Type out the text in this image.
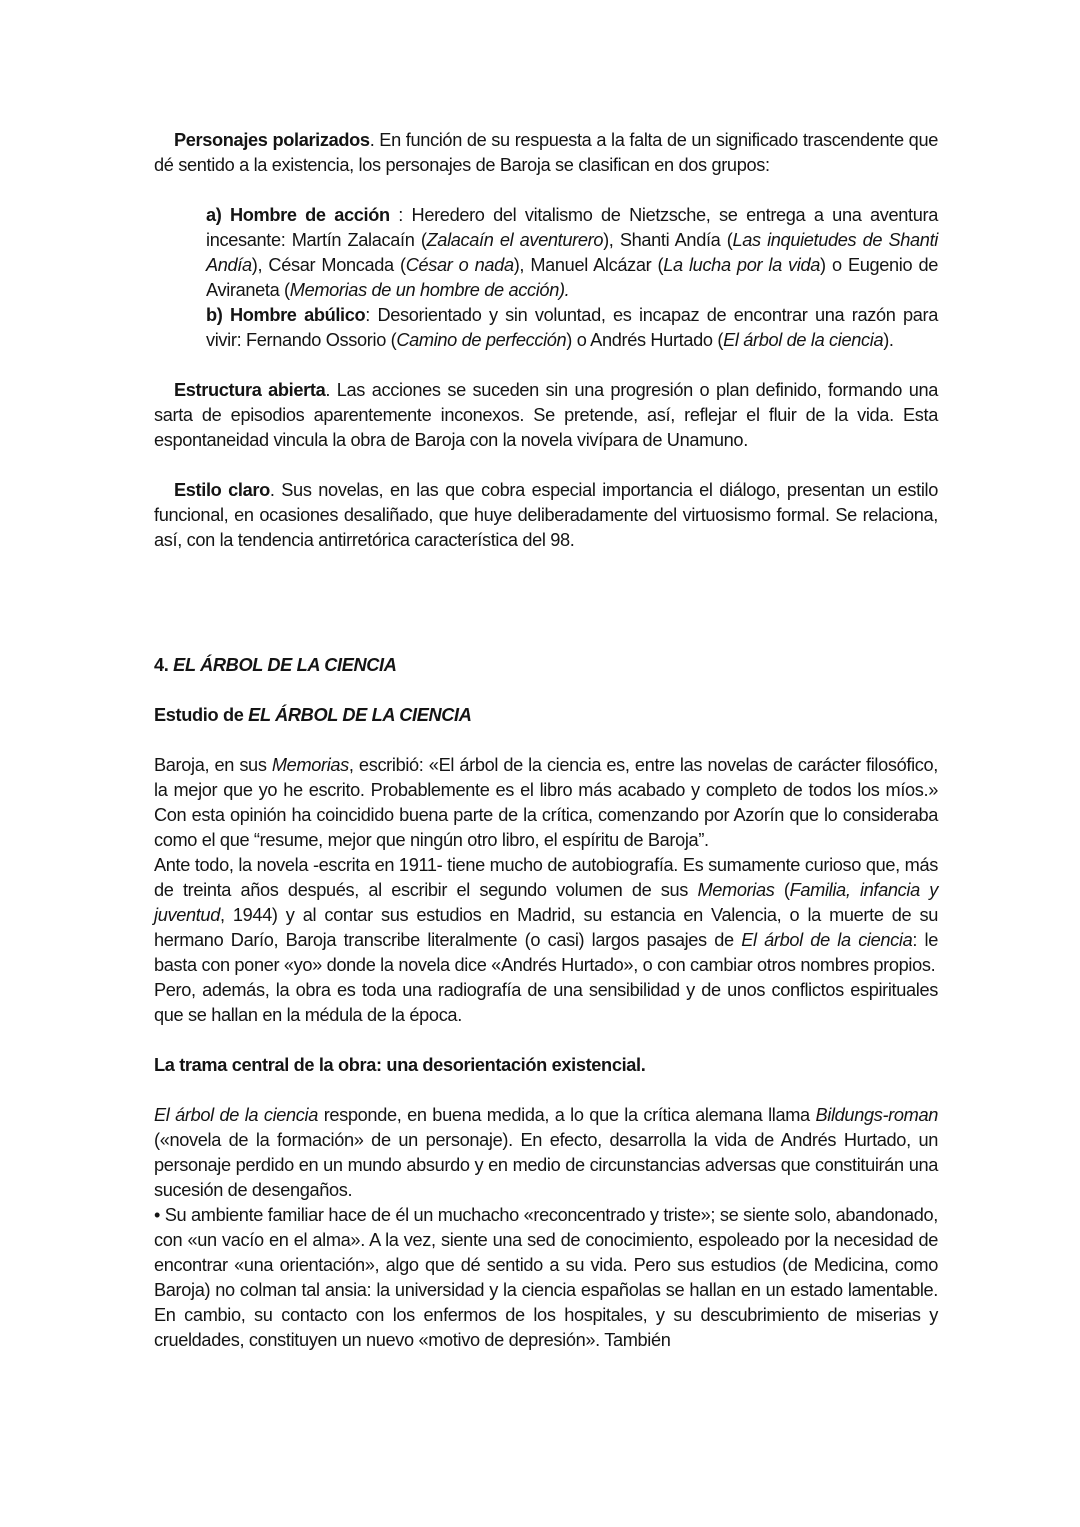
Personajes polarizados. En función de su respuesta a la falta de un significado trascendente que dé sentido a la existencia, los personajes de Baroja se clasifican en dos grupos:

a) Hombre de acción : Heredero del vitalismo de Nietzsche, se entrega a una aventura incesante: Martín Zalacaín (Zalacaín el aventurero), Shanti Andía (Las inquietudes de Shanti Andía), César Moncada (César o nada), Manuel Alcázar (La lucha por la vida) o Eugenio de Aviraneta (Memorias de un hombre de acción).

b) Hombre abúlico: Desorientado y sin voluntad, es incapaz de encontrar una razón para vivir: Fernando Ossorio (Camino de perfección) o Andrés Hurtado (El árbol de la ciencia).

Estructura abierta. Las acciones se suceden sin una progresión o plan definido, formando una sarta de episodios aparentemente inconexos. Se pretende, así, reflejar el fluir de la vida. Esta espontaneidad vincula la obra de Baroja con la novela vivípara de Unamuno.

Estilo claro. Sus novelas, en las que cobra especial importancia el diálogo, presentan un estilo funcional, en ocasiones desaliñado, que huye deliberadamente del virtuosismo formal. Se relaciona, así, con la tendencia antirretórica característica del 98.

4. EL ÁRBOL DE LA CIENCIA
Estudio de EL ÁRBOL DE LA CIENCIA

Baroja, en sus Memorias, escribió: «El árbol de la ciencia es, entre las novelas de carácter filosófico, la mejor que yo he escrito. Probablemente es el libro más acabado y completo de todos los míos.» Con esta opinión ha coincidido buena parte de la crítica, comenzando por Azorín que lo consideraba como el que “resume, mejor que ningún otro libro, el espíritu de Baroja”.

Ante todo, la novela -escrita en 1911- tiene mucho de autobiografía. Es sumamente curioso que, más de treinta años después, al escribir el segundo volumen de sus Memorias (Familia, infancia y juventud, 1944) y al contar sus estudios en Madrid, su estancia en Valencia, o la muerte de su hermano Darío, Baroja transcribe literalmente (o casi) largos pasajes de El árbol de la ciencia: le basta con poner «yo» donde la novela dice «Andrés Hurtado», o con cambiar otros nombres propios.

Pero, además, la obra es toda una radiografía de una sensibilidad y de unos conflictos espirituales que se hallan en la médula de la época.

La trama central de la obra: una desorientación existencial.

El árbol de la ciencia responde, en buena medida, a lo que la crítica alemana llama Bildungs-roman («novela de la formación» de un personaje). En efecto, desarrolla la vida de Andrés Hurtado, un personaje perdido en un mundo absurdo y en medio de circunstancias adversas que constituirán una sucesión de desengaños.

• Su ambiente familiar hace de él un muchacho «reconcentrado y triste»; se siente solo, abandonado, con «un vacío en el alma». A la vez, siente una sed de conocimiento, espoleado por la necesidad de encontrar «una orientación», algo que dé sentido a su vida. Pero sus estudios (de Medicina, como Baroja) no colman tal ansia: la universidad y la ciencia españolas se hallan en un estado lamentable. En cambio, su contacto con los enfermos de los hospitales, y su descubrimiento de miserias y crueldades, constituyen un nuevo «motivo de depresión». También
